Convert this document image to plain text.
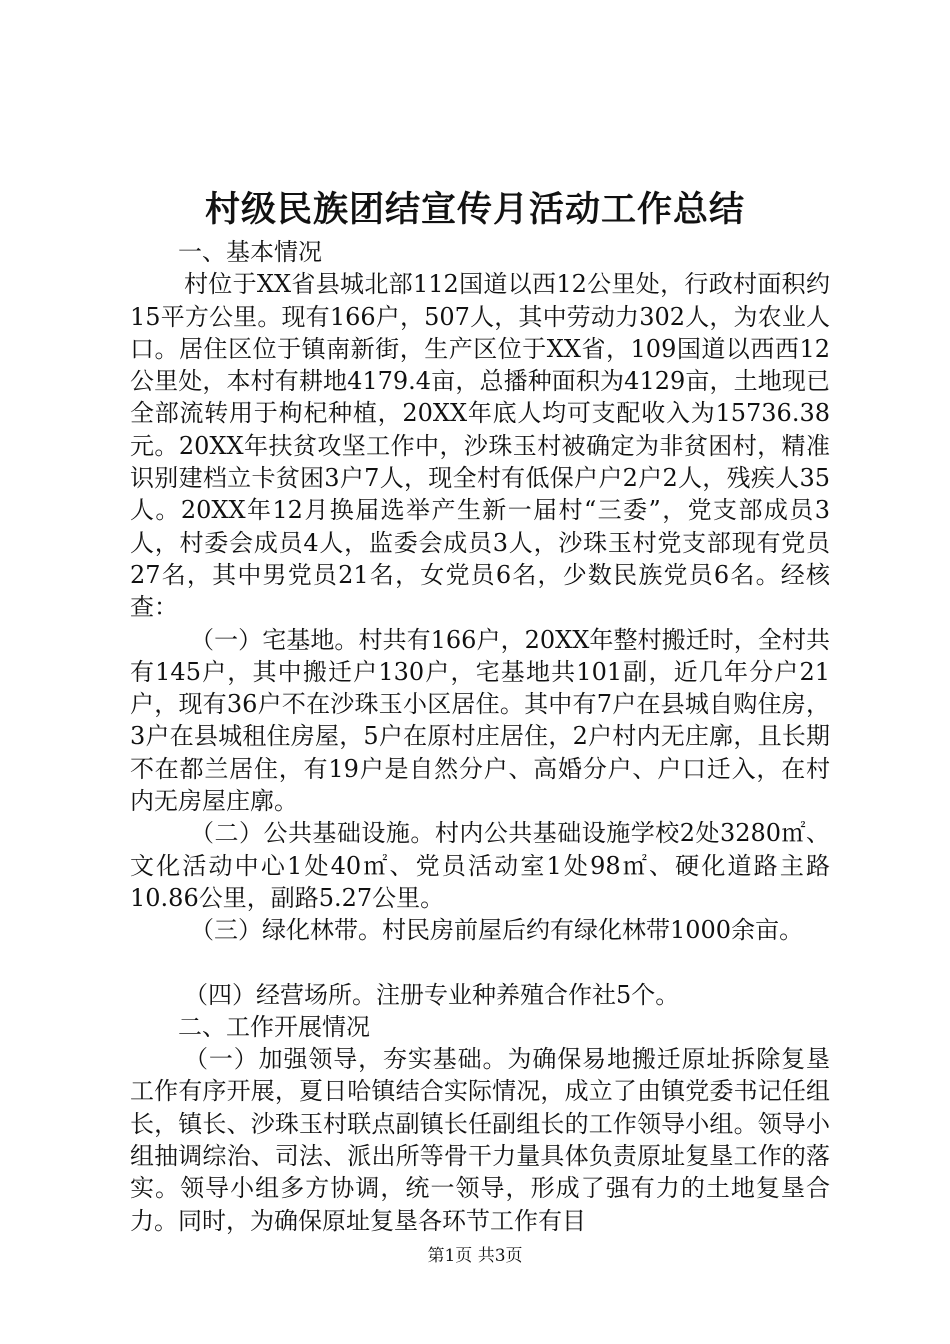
村级民族团结宣传月活动工作总结

一、基本情况

村位于XX省县城北部112国道以西12公里处，行政村面积约15平方公里。现有166户，507人，其中劳动力302人，为农业人口。居住区位于镇南新街，生产区位于XX省，109国道以西西12公里处，本村有耕地4179.4亩，总播种面积为4129亩，土地现已全部流转用于枸杞种植，20XX年底人均可支配收入为15736.38元。20XX年扶贫攻坚工作中，沙珠玉村被确定为非贫困村，精准识别建档立卡贫困3户7人，现全村有低保户户2户2人，残疾人35人。20XX年12月换届选举产生新一届村“三委”，党支部成员3人，村委会成员4人，监委会成员3人，沙珠玉村党支部现有党员27名，其中男党员21名，女党员6名，少数民族党员6名。经核查：

（一）宅基地。村共有166户，20XX年整村搬迁时，全村共有145户，其中搬迁户130户，宅基地共101副，近几年分户21户，现有36户不在沙珠玉小区居住。其中有7户在县城自购住房，3户在县城租住房屋，5户在原村庄居住，2户村内无庄廓，且长期不在都兰居住，有19户是自然分户、高婚分户、户口迁入，在村内无房屋庄廓。

（二）公共基础设施。村内公共基础设施学校2处3280㎡、文化活动中心1处40㎡、党员活动室1处98㎡、硬化道路主路10.86公里，副路5.27公里。

（三）绿化林带。村民房前屋后约有绿化林带1000余亩。

（四）经营场所。注册专业种养殖合作社5个。

二、工作开展情况

（一）加强领导，夯实基础。为确保易地搬迁原址拆除复垦工作有序开展，夏日哈镇结合实际情况，成立了由镇党委书记任组长，镇长、沙珠玉村联点副镇长任副组长的工作领导小组。领导小组抽调综治、司法、派出所等骨干力量具体负责原址复垦工作的落实。领导小组多方协调，统一领导，形成了强有力的土地复垦合力。同时，为确保原址复垦各环节工作有目

第1页 共3页
